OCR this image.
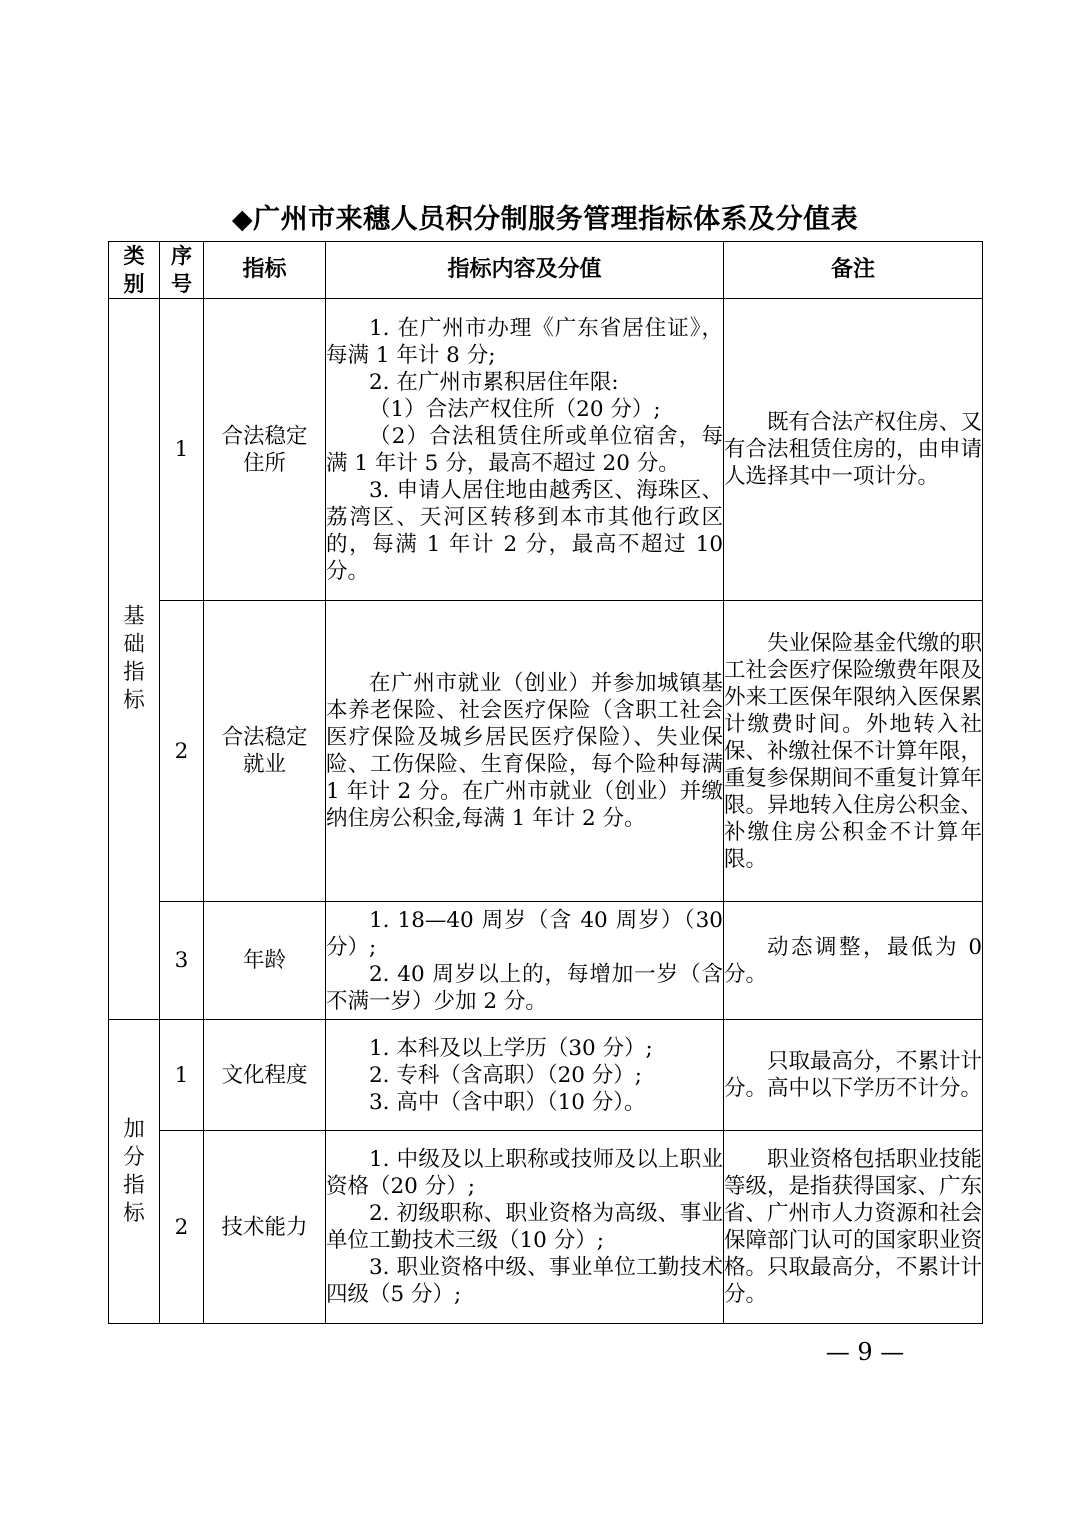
◆广州市来穗人员积分制服务管理指标体系及分值表
类别	序号	指标	指标内容及分值	备注
基础指标	1	合法稳定住所	1. 在广州市办理《广东省居住证》，每满 1 年计 8 分;

2. 在广州市累积居住年限:

（1）合法产权住所（20 分）;

（2）合法租赁住所或单位宿舍，每满 1 年计 5 分，最高不超过 20 分。

3. 申请人居住地由越秀区、海珠区、荔湾区、天河区转移到本市其他行政区的，每满 1 年计 2 分，最高不超过 10 分。	既有合法产权住房、又有合法租赁住房的，由申请人选择其中一项计分。

	2	合法稳定就业	在广州市就业（创业）并参加城镇基本养老保险、社会医疗保险（含职工社会医疗保险及城乡居民医疗保险）、失业保险、工伤保险、生育保险，每个险种每满 1 年计 2 分。在广州市就业（创业）并缴纳住房公积金,每满 1 年计 2 分。	失业保险基金代缴的职工社会医疗保险缴费年限及外来工医保年限纳入医保累计缴费时间。外地转入社保、补缴社保不计算年限，重复参保期间不重复计算年限。异地转入住房公积金、补缴住房公积金不计算年限。

	3	年龄	1. 18—40 周岁（含 40 周岁）（30 分）;

2. 40 周岁以上的，每增加一岁（含不满一岁）少加 2 分。	动态调整，最低为 0 分。

加分指标	1	文化程度	1. 本科及以上学历（30 分）;

2. 专科（含高职）（20 分）;

3. 高中（含中职）（10 分）。	只取最高分，不累计计分。高中以下学历不计分。

	2	技术能力	1. 中级及以上职称或技师及以上职业资格（20 分）;

2. 初级职称、职业资格为高级、事业单位工勤技术三级（10 分）;

3. 职业资格中级、事业单位工勤技术四级（5 分）;	职业资格包括职业技能等级，是指获得国家、广东省、广州市人力资源和社会保障部门认可的国家职业资格。只取最高分，不累计计分。

— 9 —
